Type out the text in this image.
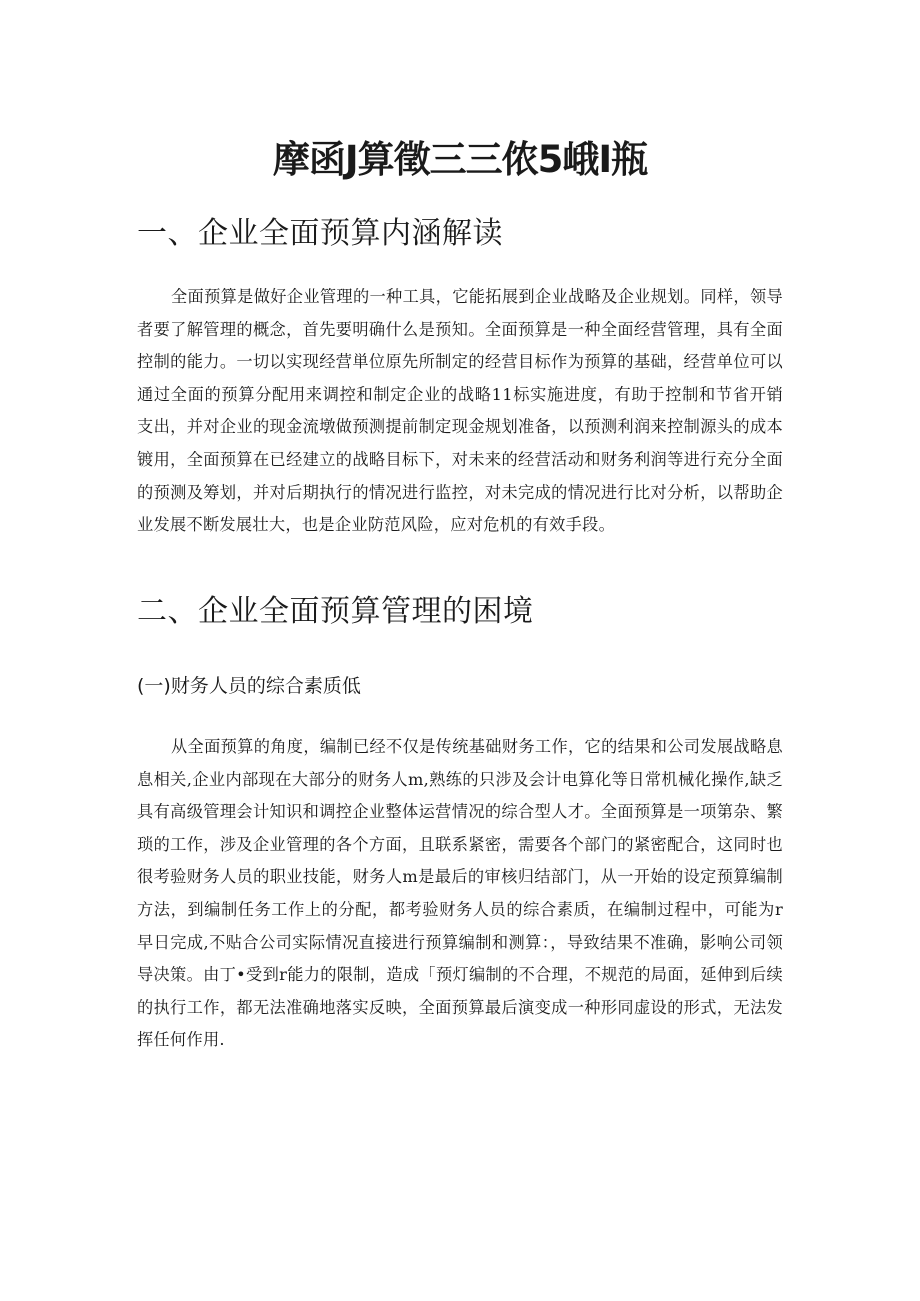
摩函J算徵三三侬5峨I瓶
一、企业全面预算内涵解读

全面预算是做好企业管理的一种工具，它能拓展到企业战略及企业规划。同样，领导者要了解管理的概念，首先要明确什么是预知。全面预算是一种全面经营管理，具有全面控制的能力。一切以实现经营単位原先所制定的经营目标作为预算的基础，经营单位可以通过全面的预算分配用来调控和制定企业的战略11标实施进度，有助于控制和节省开销支出，并对企业的现金流墩做预测提前制定现金规划准备，以预测利润来控制源头的成本镀用，全面预算在已经建立的战略目标下，对未来的经营活动和财务利润等进行充分全面的预测及筹划，并对后期执行的情况进行监控，对未完成的情况进行比对分析，以帮助企业发展不断发展壮大，也是企业防范风险，应对危机的有效手段。

二、企业全面预算管理的困境
(一)财务人员的综合素质低

从全面预算的角度，编制已经不仅是传统基础财务工作，它的结果和公司发展战略息息相关,企业内部现在大部分的财务人m,熟练的只涉及会计电算化等日常机械化操作,缺乏具有高级管理会计知识和调控企业整体运营情况的综合型人才。全面预算是一项第杂、繁琐的工作，涉及企业管理的各个方面，且联系紧密，需要各个部门的紧密配合，这同时也很考验财务人员的职业技能，财务人m是最后的审核归结部门，从一开始的设定预算编制方法，到编制任务工作上的分配，都考验财务人员的综合素质，在编制过程中，可能为r早日完成,不贴合公司实际情况直接进行预算编制和测算：，导致结果不准确，影响公司领导决策。由丁•受到r能力的限制，造成「预灯编制的不合理，不规范的局面，延伸到后续的执行工作，都无法准确地落实反映，全面预算最后演变成一种形同虚设的形式，无法发挥任何作用.
